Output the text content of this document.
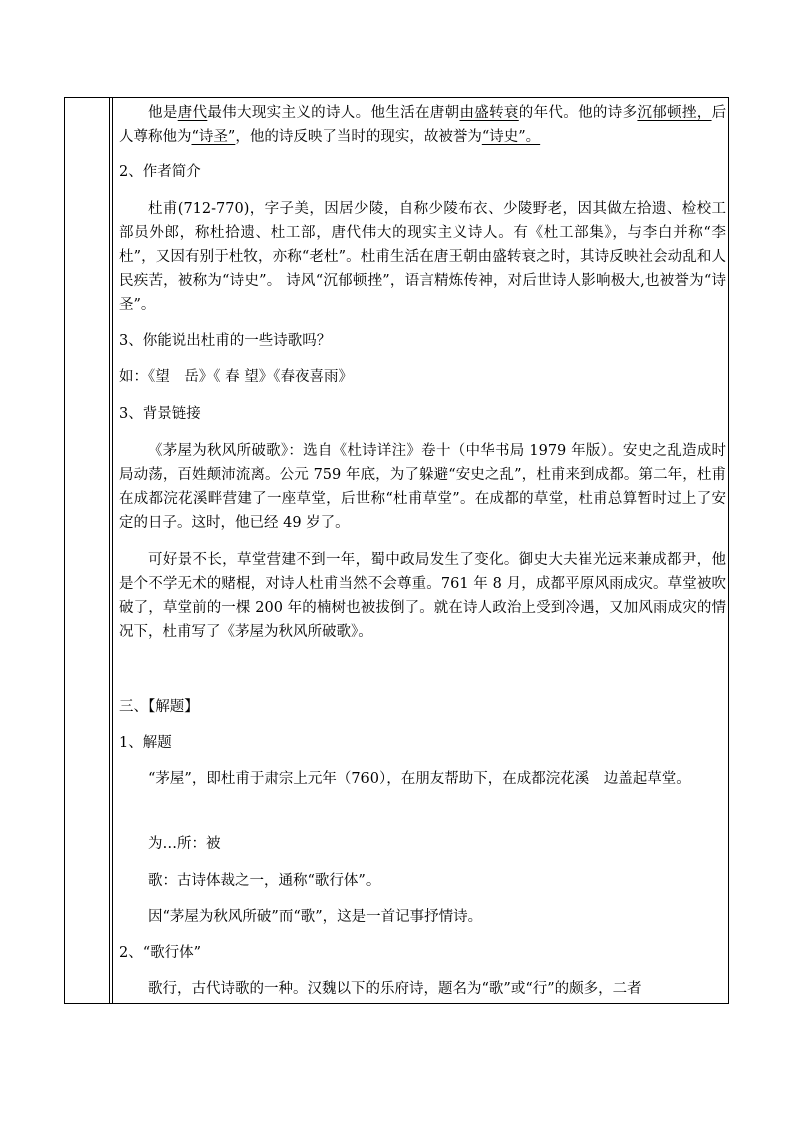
他是唐代最伟大现实主义的诗人。他生活在唐朝由盛转衰的年代。他的诗多沉郁顿挫，后人尊称他为“诗圣”，他的诗反映了当时的现实，故被誉为“诗史”。

2、作者简介

杜甫(712-770)，字子美，因居少陵，自称少陵布衣、少陵野老，因其做左拾遗、检校工部员外郎，称杜拾遗、杜工部，唐代伟大的现实主义诗人。有《杜工部集》，与李白并称“李杜”，又因有别于杜牧，亦称“老杜”。杜甫生活在唐王朝由盛转衰之时，其诗反映社会动乱和人民疾苦，被称为“诗史”。 诗风“沉郁顿挫”，语言精炼传神，对后世诗人影响极大,也被誉为“诗圣”。

3、你能说出杜甫的一些诗歌吗？

如：《望　岳》《 春 望》《春夜喜雨》

3、背景链接

《茅屋为秋风所破歌》：选自《杜诗详注》卷十（中华书局 1979 年版）。安史之乱造成时局动荡，百姓颠沛流离。公元 759 年底，为了躲避“安史之乱”，杜甫来到成都。第二年，杜甫在成都浣花溪畔营建了一座草堂，后世称“杜甫草堂”。在成都的草堂，杜甫总算暂时过上了安定的日子。这时，他已经 49 岁了。

可好景不长，草堂营建不到一年，蜀中政局发生了变化。御史大夫崔光远来兼成都尹，他是个不学无术的赌棍，对诗人杜甫当然不会尊重。761 年 8 月，成都平原风雨成灾。草堂被吹破了，草堂前的一棵 200 年的楠树也被拔倒了。就在诗人政治上受到冷遇，又加风雨成灾的情况下，杜甫写了《茅屋为秋风所破歌》。

三、【解题】

1、解题

“茅屋”，即杜甫于肃宗上元年（760），在朋友帮助下，在成都浣花溪　边盖起草堂。

为…所：被

歌：古诗体裁之一，通称“歌行体”。

因“茅屋为秋风所破”而“歌”，这是一首记事抒情诗。

2、“歌行体”

歌行，古代诗歌的一种。汉魏以下的乐府诗，题名为“歌”或“行”的颇多，二者
